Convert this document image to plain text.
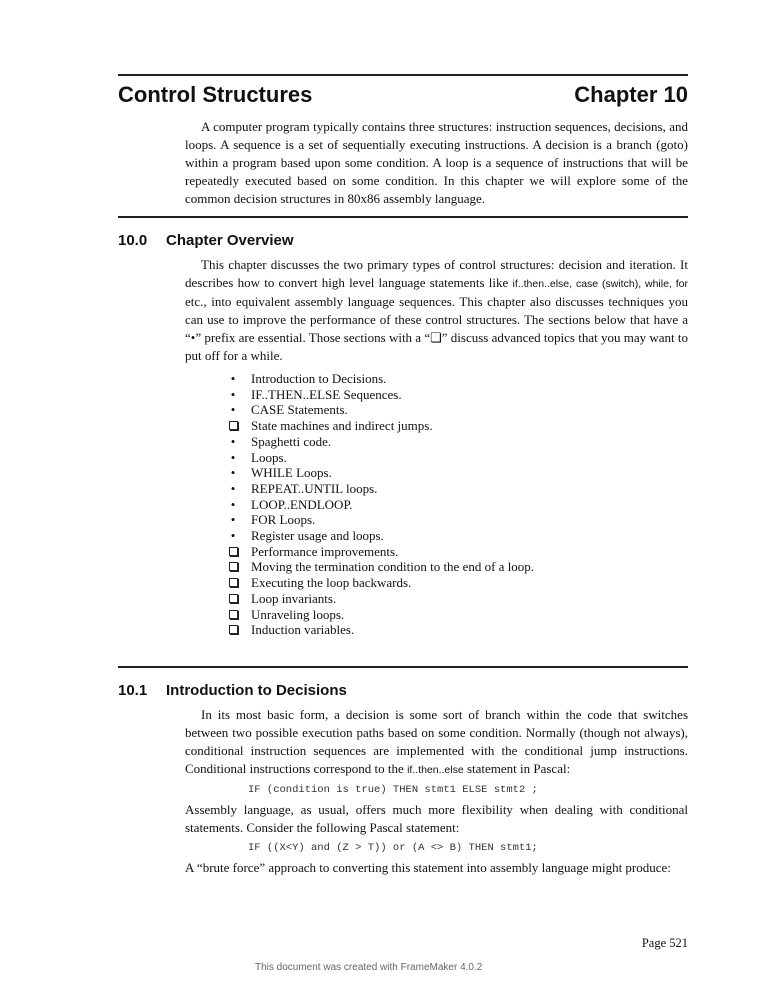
Control Structures	Chapter 10
A computer program typically contains three structures: instruction sequences, decisions, and loops. A sequence is a set of sequentially executing instructions. A decision is a branch (goto) within a program based upon some condition. A loop is a sequence of instructions that will be repeatedly executed based on some condition. In this chapter we will explore some of the common decision structures in 80x86 assembly language.
10.0 Chapter Overview
This chapter discusses the two primary types of control structures: decision and iteration. It describes how to convert high level language statements like if..then..else, case (switch), while, for etc., into equivalent assembly language sequences. This chapter also discusses techniques you can use to improve the performance of these control structures. The sections below that have a “•” prefix are essential. Those sections with a “❏” discuss advanced topics that you may want to put off for a while.
• Introduction to Decisions.
• IF..THEN..ELSE Sequences.
• CASE Statements.
State machines and indirect jumps.
• Spaghetti code.
• Loops.
• WHILE Loops.
• REPEAT..UNTIL loops.
• LOOP..ENDLOOP.
• FOR Loops.
• Register usage and loops.
Performance improvements.
Moving the termination condition to the end of a loop.
Executing the loop backwards.
Loop invariants.
Unraveling loops.
Induction variables.
10.1 Introduction to Decisions
In its most basic form, a decision is some sort of branch within the code that switches between two possible execution paths based on some condition. Normally (though not always), conditional instruction sequences are implemented with the conditional jump instructions. Conditional instructions correspond to the if..then..else statement in Pascal:
IF (condition is true) THEN stmt1 ELSE stmt2 ;
Assembly language, as usual, offers much more flexibility when dealing with conditional statements. Consider the following Pascal statement:
IF ((X<Y) and (Z > T)) or (A <> B) THEN stmt1;
A “brute force” approach to converting this statement into assembly language might produce:
Page 521
This document was created with FrameMaker 4.0.2
